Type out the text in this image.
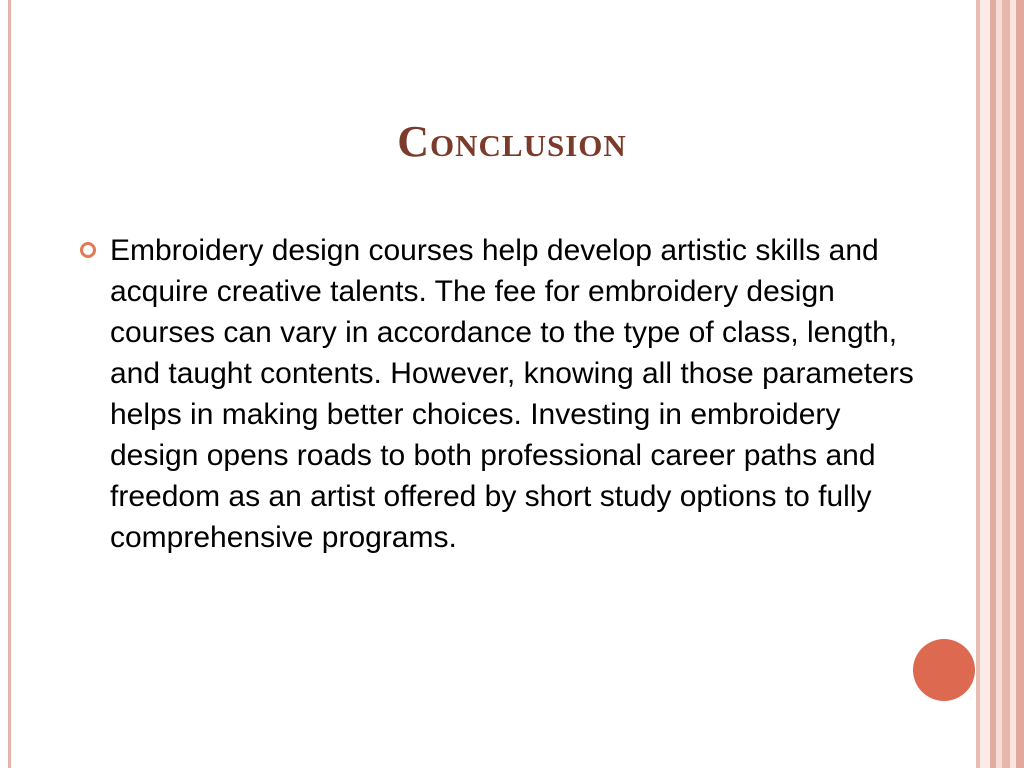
Conclusion
Embroidery design courses help develop artistic skills and acquire creative talents. The fee for embroidery design courses can vary in accordance to the type of class, length, and taught contents. However, knowing all those parameters helps in making better choices. Investing in embroidery design opens roads to both professional career paths and freedom as an artist offered by short study options to fully comprehensive programs.
